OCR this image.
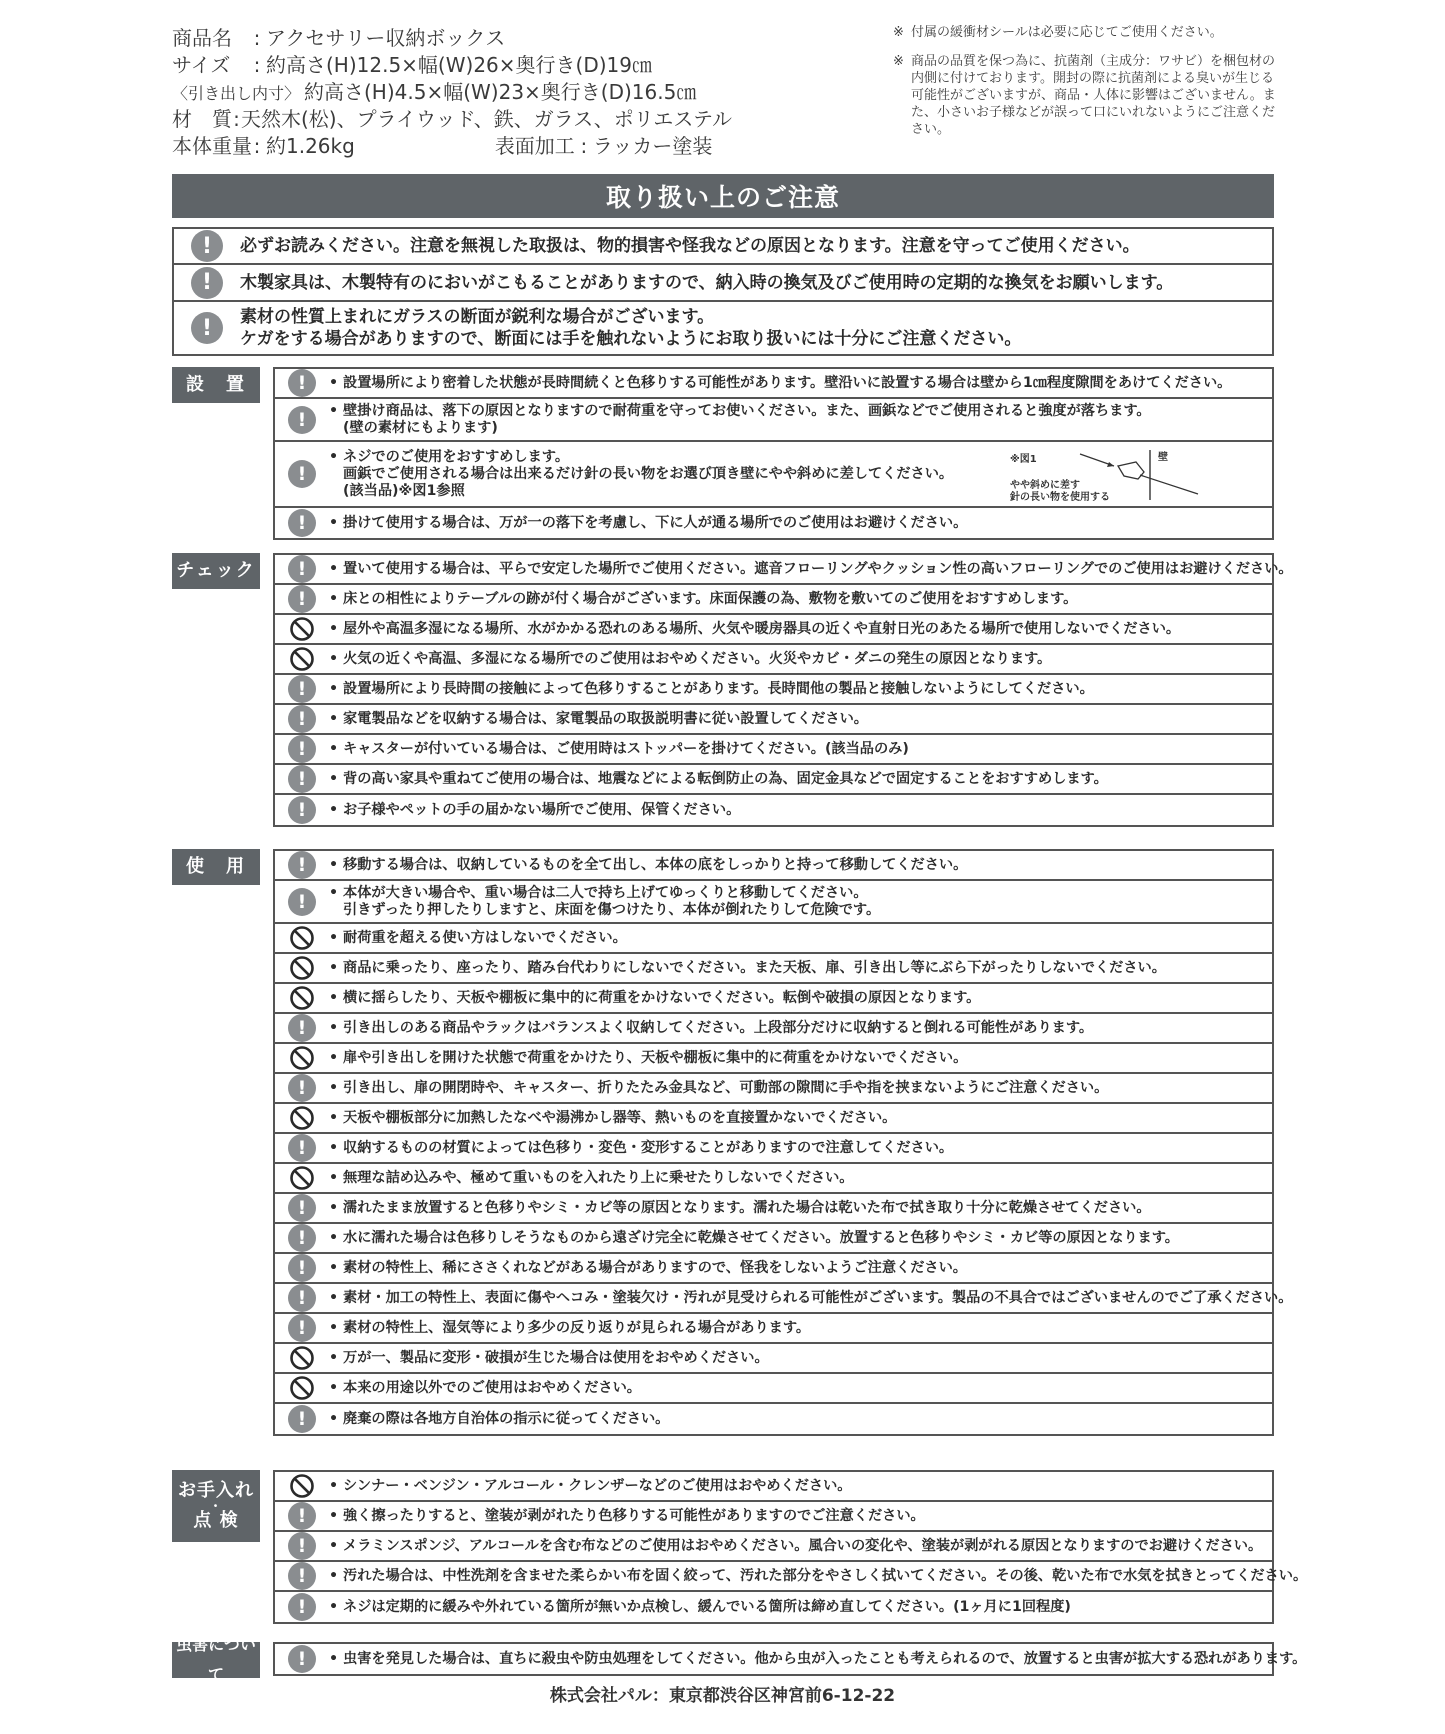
商品名	: アクセサリー収納ボックス
サイズ	: 約高さ(H)12.5×幅(W)26×奥行き(D)19㎝
〈引き出し内寸〉 約高さ(H)4.5×幅(W)23×奥行き(D)16.5㎝
材　質 : 天然木(松)、プライウッド、鉄、ガラス、ポリエステル
本体重量 : 約1.26kg	表面加工 : ラッカー塗装
※ 付属の緩衝材シールは必要に応じてご使用ください。
※ 商品の品質を保つ為に、抗菌剤（主成分：ワサビ）を梱包材の内側に付けております。開封の際に抗菌剤による臭いが生じる可能性がございますが、商品・人体に影響はございません。また、小さいお子様などが誤って口にいれないようにご注意ください。
取り扱い上のご注意
!	必ずお読みください。注意を無視した取扱は、物的損害や怪我などの原因となります。注意を守ってご使用ください。
!	木製家具は、木製特有のにおいがこもることがありますので、納入時の換気及びご使用時の定期的な換気をお願いします。
!	素材の性質上まれにガラスの断面が鋭利な場合がございます。
ケガをする場合がありますので、断面には手を触れないようにお取り扱いには十分にご注意ください。
設　置	!	• 設置場所により密着した状態が長時間続くと色移りする可能性があります。壁沿いに設置する場合は壁から1㎝程度隙間をあけてください。
!	• 壁掛け商品は、落下の原因となりますので耐荷重を守ってお使いください。また、画鋲などでご使用されると強度が落ちます。
(壁の素材にもよります)
!
• ネジでのご使用をおすすめします。
画鋲でご使用される場合は出来るだけ針の長い物をお選び頂き壁にやや斜めに差してください。
(該当品)※図1参照
※図1
やや斜めに差す
針の長い物を使用する
壁
!	• 掛けて使用する場合は、万が一の落下を考慮し、下に人が通る場所でのご使用はお避けください。
チェック	!	• 置いて使用する場合は、平らで安定した場所でご使用ください。遮音フローリングやクッション性の高いフローリングでのご使用はお避けください。
!	• 床との相性によりテーブルの跡が付く場合がございます。床面保護の為、敷物を敷いてのご使用をおすすめします。
• 屋外や高温多湿になる場所、水がかかる恐れのある場所、火気や暖房器具の近くや直射日光のあたる場所で使用しないでください。
• 火気の近くや高温、多湿になる場所でのご使用はおやめください。火災やカビ・ダニの発生の原因となります。
!	• 設置場所により長時間の接触によって色移りすることがあります。長時間他の製品と接触しないようにしてください。
!	• 家電製品などを収納する場合は、家電製品の取扱説明書に従い設置してください。
!	• キャスターが付いている場合は、ご使用時はストッパーを掛けてください。(該当品のみ)
!	• 背の高い家具や重ねてご使用の場合は、地震などによる転倒防止の為、固定金具などで固定することをおすすめします。
!	• お子様やペットの手の届かない場所でご使用、保管ください。
使　用	!	• 移動する場合は、収納しているものを全て出し、本体の底をしっかりと持って移動してください。
!	• 本体が大きい場合や、重い場合は二人で持ち上げてゆっくりと移動してください。
引きずったり押したりしますと、床面を傷つけたり、本体が倒れたりして危険です。
• 耐荷重を超える使い方はしないでください。
• 商品に乗ったり、座ったり、踏み台代わりにしないでください。また天板、扉、引き出し等にぶら下がったりしないでください。
• 横に揺らしたり、天板や棚板に集中的に荷重をかけないでください。転倒や破損の原因となります。
!	• 引き出しのある商品やラックはバランスよく収納してください。上段部分だけに収納すると倒れる可能性があります。
• 扉や引き出しを開けた状態で荷重をかけたり、天板や棚板に集中的に荷重をかけないでください。
!	• 引き出し、扉の開閉時や、キャスター、折りたたみ金具など、可動部の隙間に手や指を挟まないようにご注意ください。
• 天板や棚板部分に加熱したなべや湯沸かし器等、熱いものを直接置かないでください。
!	• 収納するものの材質によっては色移り・変色・変形することがありますので注意してください。
• 無理な詰め込みや、極めて重いものを入れたり上に乗せたりしないでください。
!	• 濡れたまま放置すると色移りやシミ・カビ等の原因となります。濡れた場合は乾いた布で拭き取り十分に乾燥させてください。
!	• 水に濡れた場合は色移りしそうなものから遠ざけ完全に乾燥させてください。放置すると色移りやシミ・カビ等の原因となります。
!	• 素材の特性上、稀にささくれなどがある場合がありますので、怪我をしないようご注意ください。
!	• 素材・加工の特性上、表面に傷やヘコみ・塗装欠け・汚れが見受けられる可能性がございます。製品の不具合ではございませんのでご了承ください。
!	• 素材の特性上、湿気等により多少の反り返りが見られる場合があります。
• 万が一、製品に変形・破損が生じた場合は使用をおやめください。
• 本来の用途以外でのご使用はおやめください。
!	• 廃棄の際は各地方自治体の指示に従ってください。
お手入れ
・
点 検
• シンナー・ベンジン・アルコール・クレンザーなどのご使用はおやめください。
!	• 強く擦ったりすると、塗装が剥がれたり色移りする可能性がありますのでご注意ください。
!	• メラミンスポンジ、アルコールを含む布などのご使用はおやめください。風合いの変化や、塗装が剥がれる原因となりますのでお避けください。
!	• 汚れた場合は、中性洗剤を含ませた柔らかい布を固く絞って、汚れた部分をやさしく拭いてください。その後、乾いた布で水気を拭きとってください。
!	• ネジは定期的に緩みや外れている箇所が無いか点検し、緩んでいる箇所は締め直してください。(1ヶ月に1回程度)
虫害について
!	• 虫害を発見した場合は、直ちに殺虫や防虫処理をしてください。他から虫が入ったことも考えられるので、放置すると虫害が拡大する恐れがあります。
株式会社パル：東京都渋谷区神宮前6-12-22
